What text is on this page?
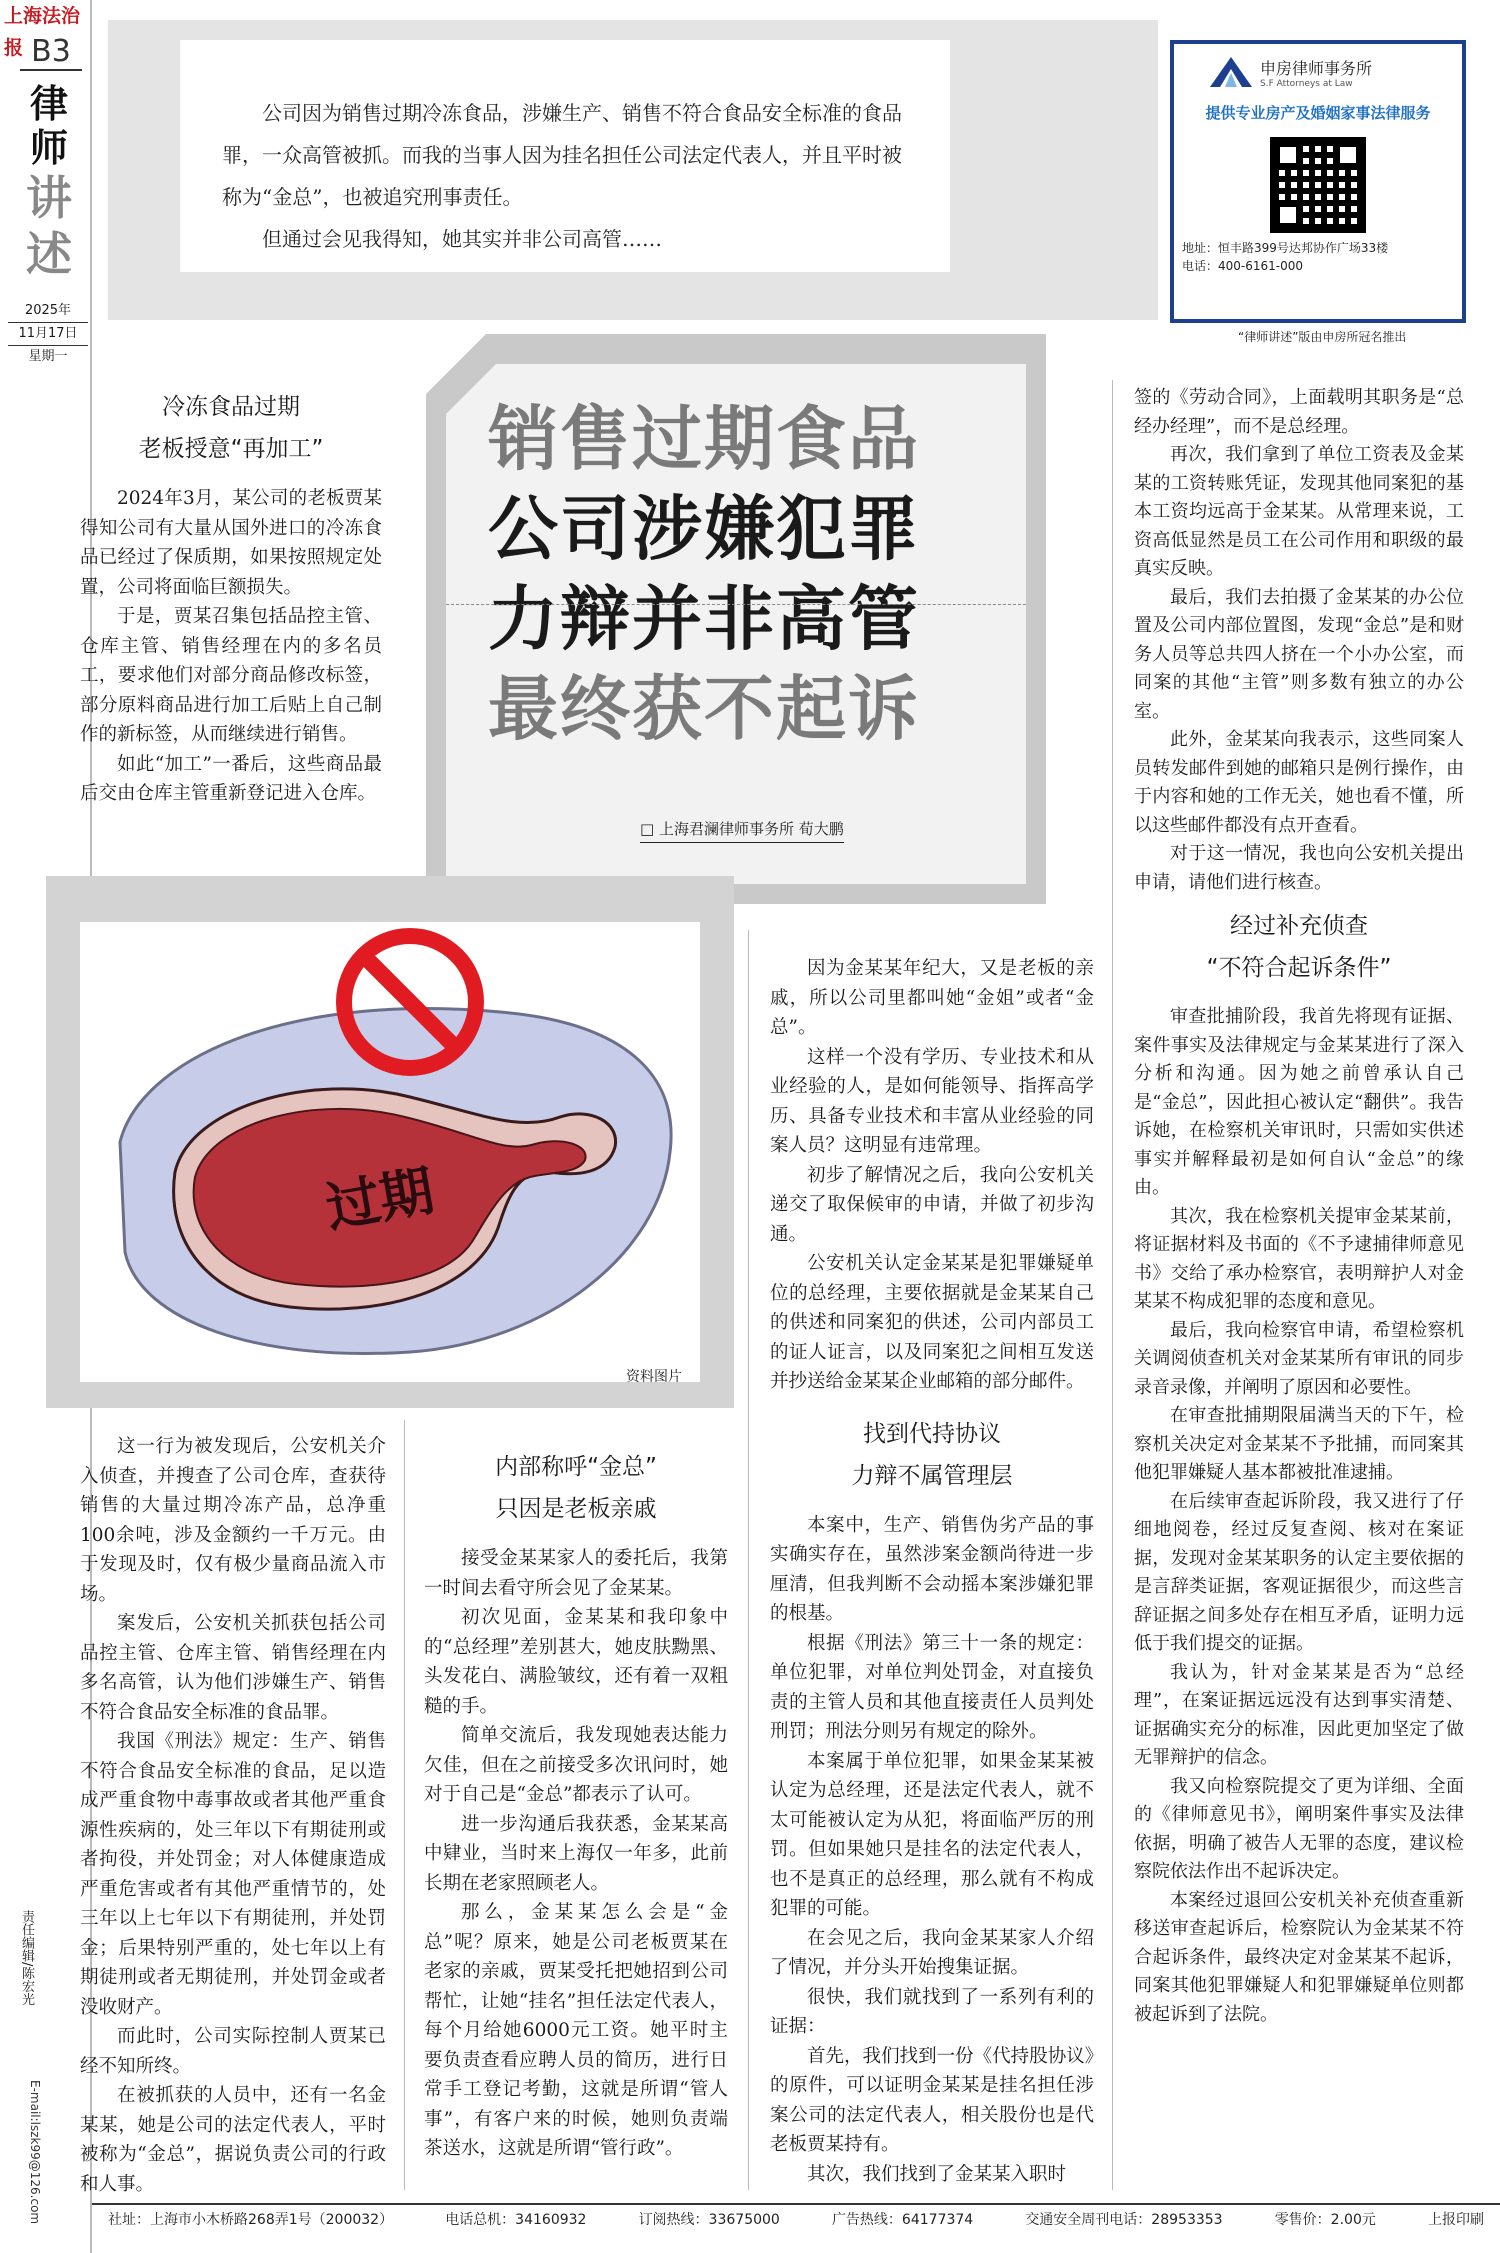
上海法治报 B3
律师
讲述
2025年
11月17日
星期一
责任编辑/陈宏光
E-mail:lszk99@126.com

公司因为销售过期冷冻食品，涉嫌生产、销售不符合食品安全标准的食品罪，一众高管被抓。而我的当事人因为挂名担任公司法定代表人，并且平时被称为“金总”，也被追究刑事责任。

但通过会见我得知，她其实并非公司高管……

申房律师事务所
S.F Attorneys at Law
提供专业房产及婚姻家事法律服务
地址：恒丰路399号达邦协作广场33楼
电话：400-6161-000
“律师讲述”版由申房所冠名推出
销售过期食品
公司涉嫌犯罪
力辩并非高管
最终获不起诉
□ 上海君澜律师事务所 荀大鹏
过期
资料图片
冷冻食品过期
老板授意“再加工”

2024年3月，某公司的老板贾某得知公司有大量从国外进口的冷冻食品已经过了保质期，如果按照规定处置，公司将面临巨额损失。

于是，贾某召集包括品控主管、仓库主管、销售经理在内的多名员工，要求他们对部分商品修改标签，部分原料商品进行加工后贴上自己制作的新标签，从而继续进行销售。

如此“加工”一番后，这些商品最后交由仓库主管重新登记进入仓库。

这一行为被发现后，公安机关介入侦查，并搜查了公司仓库，查获待销售的大量过期冷冻产品，总净重100余吨，涉及金额约一千万元。由于发现及时，仅有极少量商品流入市场。

案发后，公安机关抓获包括公司品控主管、仓库主管、销售经理在内多名高管，认为他们涉嫌生产、销售不符合食品安全标准的食品罪。

我国《刑法》规定：生产、销售不符合食品安全标准的食品，足以造成严重食物中毒事故或者其他严重食源性疾病的，处三年以下有期徒刑或者拘役，并处罚金；对人体健康造成严重危害或者有其他严重情节的，处三年以上七年以下有期徒刑，并处罚金；后果特别严重的，处七年以上有期徒刑或者无期徒刑，并处罚金或者没收财产。

而此时，公司实际控制人贾某已经不知所终。

在被抓获的人员中，还有一名金某某，她是公司的法定代表人，平时被称为“金总”，据说负责公司的行政和人事。

内部称呼“金总”
只因是老板亲戚

接受金某某家人的委托后，我第一时间去看守所会见了金某某。

初次见面，金某某和我印象中的“总经理”差别甚大，她皮肤黝黑、头发花白、满脸皱纹，还有着一双粗糙的手。

简单交流后，我发现她表达能力欠佳，但在之前接受多次讯问时，她对于自己是“金总”都表示了认可。

进一步沟通后我获悉，金某某高中肄业，当时来上海仅一年多，此前长期在老家照顾老人。

那么，金某某怎么会是“金总”呢？原来，她是公司老板贾某在老家的亲戚，贾某受托把她招到公司帮忙，让她“挂名”担任法定代表人，每个月给她6000元工资。她平时主要负责查看应聘人员的简历，进行日常手工登记考勤，这就是所谓“管人事”，有客户来的时候，她则负责端茶送水，这就是所谓“管行政”。

因为金某某年纪大，又是老板的亲戚，所以公司里都叫她“金姐”或者“金总”。

这样一个没有学历、专业技术和从业经验的人，是如何能领导、指挥高学历、具备专业技术和丰富从业经验的同案人员？这明显有违常理。

初步了解情况之后，我向公安机关递交了取保候审的申请，并做了初步沟通。

公安机关认定金某某是犯罪嫌疑单位的总经理，主要依据就是金某某自己的供述和同案犯的供述，公司内部员工的证人证言，以及同案犯之间相互发送并抄送给金某某企业邮箱的部分邮件。

找到代持协议
力辩不属管理层

本案中，生产、销售伪劣产品的事实确实存在，虽然涉案金额尚待进一步厘清，但我判断不会动摇本案涉嫌犯罪的根基。

根据《刑法》第三十一条的规定：单位犯罪，对单位判处罚金，对直接负责的主管人员和其他直接责任人员判处刑罚；刑法分则另有规定的除外。

本案属于单位犯罪，如果金某某被认定为总经理，还是法定代表人，就不太可能被认定为从犯，将面临严厉的刑罚。但如果她只是挂名的法定代表人，也不是真正的总经理，那么就有不构成犯罪的可能。

在会见之后，我向金某某家人介绍了情况，并分头开始搜集证据。

很快，我们就找到了一系列有利的证据：

首先，我们找到一份《代持股协议》的原件，可以证明金某某是挂名担任涉案公司的法定代表人，相关股份也是代老板贾某持有。

其次，我们找到了金某某入职时

签的《劳动合同》，上面载明其职务是“总经办经理”，而不是总经理。

再次，我们拿到了单位工资表及金某某的工资转账凭证，发现其他同案犯的基本工资均远高于金某某。从常理来说，工资高低显然是员工在公司作用和职级的最真实反映。

最后，我们去拍摄了金某某的办公位置及公司内部位置图，发现“金总”是和财务人员等总共四人挤在一个小办公室，而同案的其他“主管”则多数有独立的办公室。

此外，金某某向我表示，这些同案人员转发邮件到她的邮箱只是例行操作，由于内容和她的工作无关，她也看不懂，所以这些邮件都没有点开查看。

对于这一情况，我也向公安机关提出申请，请他们进行核查。

经过补充侦查
“不符合起诉条件”

审查批捕阶段，我首先将现有证据、案件事实及法律规定与金某某进行了深入分析和沟通。因为她之前曾承认自己是“金总”，因此担心被认定“翻供”。我告诉她，在检察机关审讯时，只需如实供述事实并解释最初是如何自认“金总”的缘由。

其次，我在检察机关提审金某某前，将证据材料及书面的《不予逮捕律师意见书》交给了承办检察官，表明辩护人对金某某不构成犯罪的态度和意见。

最后，我向检察官申请，希望检察机关调阅侦查机关对金某某所有审讯的同步录音录像，并阐明了原因和必要性。

在审查批捕期限届满当天的下午，检察机关决定对金某某不予批捕，而同案其他犯罪嫌疑人基本都被批准逮捕。

在后续审查起诉阶段，我又进行了仔细地阅卷，经过反复查阅、核对在案证据，发现对金某某职务的认定主要依据的是言辞类证据，客观证据很少，而这些言辞证据之间多处存在相互矛盾，证明力远低于我们提交的证据。

我认为，针对金某某是否为“总经理”，在案证据远远没有达到事实清楚、证据确实充分的标准，因此更加坚定了做无罪辩护的信念。

我又向检察院提交了更为详细、全面的《律师意见书》，阐明案件事实及法律依据，明确了被告人无罪的态度，建议检察院依法作出不起诉决定。

本案经过退回公安机关补充侦查重新移送审查起诉后，检察院认为金某某不符合起诉条件，最终决定对金某某不起诉，同案其他犯罪嫌疑人和犯罪嫌疑单位则都被起诉到了法院。

社址：上海市小木桥路268弄1号（200032）	电话总机：34160932	订阅热线：33675000	广告热线：64177374	交通安全周刊电话：28953353	零售价：2.00元	上报印刷
